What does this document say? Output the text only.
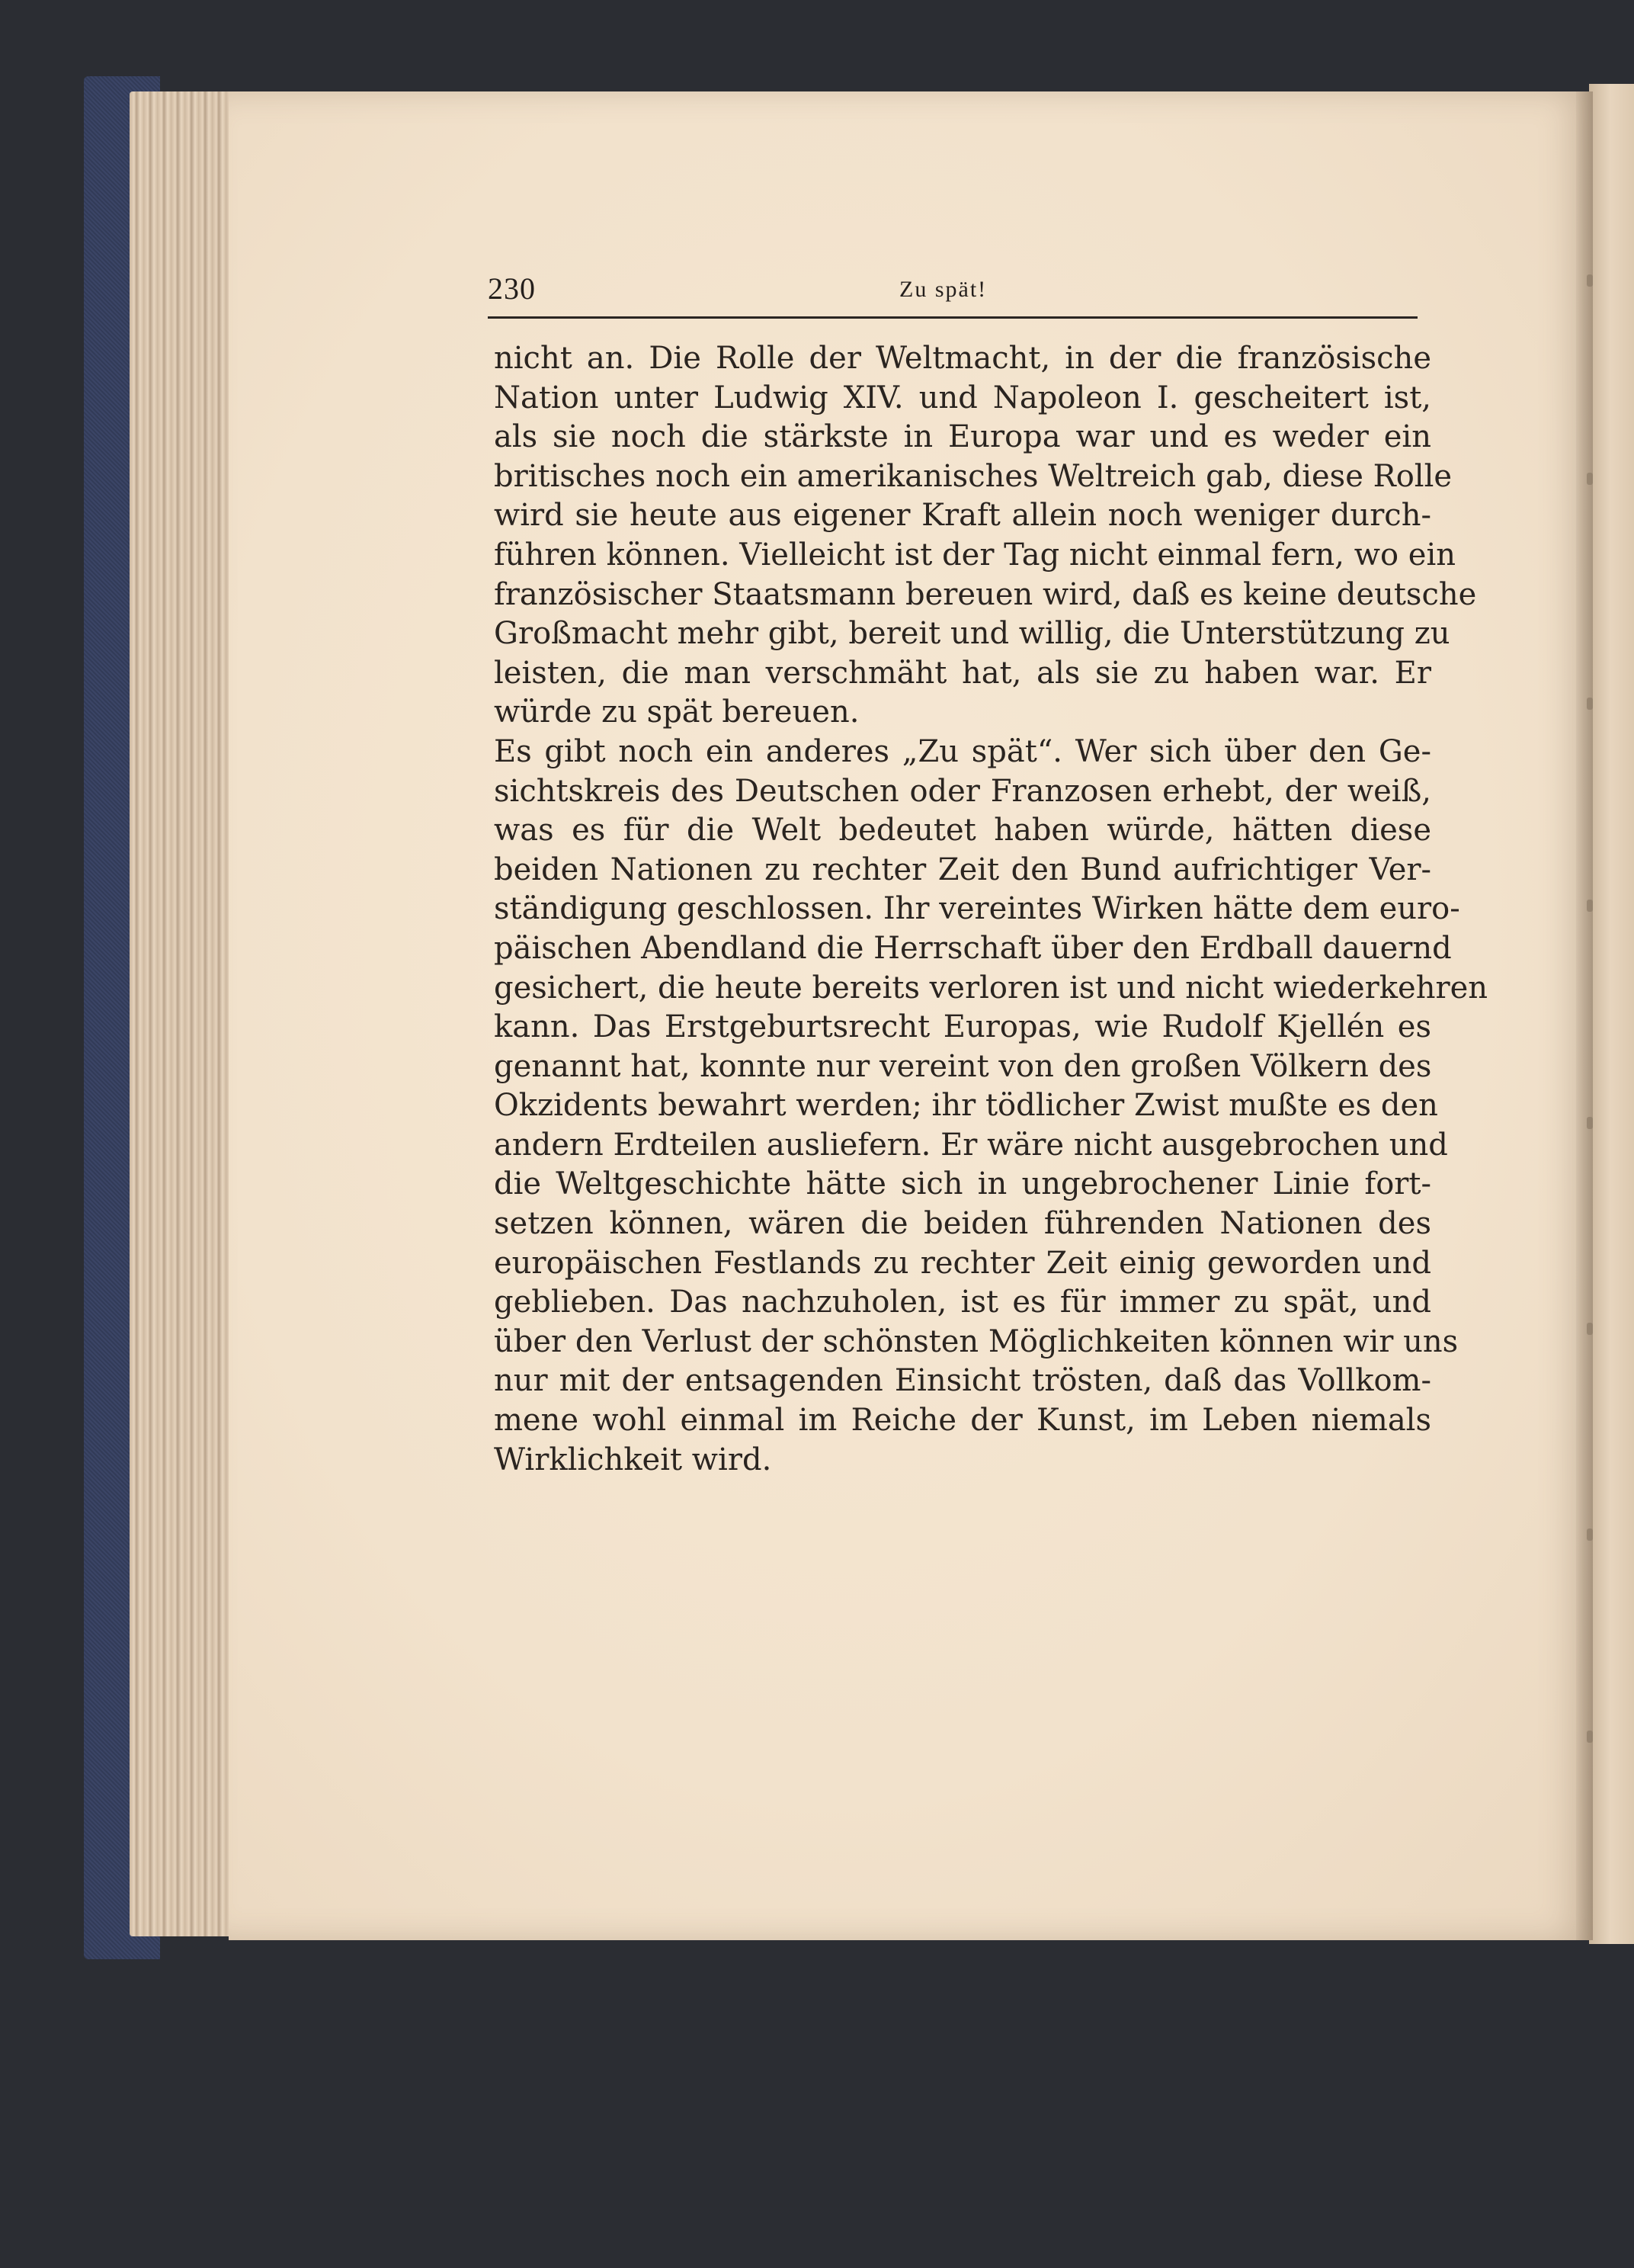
230	Zu spät!
nicht an. Die Rolle der Weltmacht, in der die französische
Nation unter Ludwig XIV. und Napoleon I. gescheitert ist,
als sie noch die stärkste in Europa war und es weder ein
britisches noch ein amerikanisches Weltreich gab, diese Rolle
wird sie heute aus eigener Kraft allein noch weniger durch-
führen können. Vielleicht ist der Tag nicht einmal fern, wo ein
französischer Staatsmann bereuen wird, daß es keine deutsche
Großmacht mehr gibt, bereit und willig, die Unterstützung zu
leisten, die man verschmäht hat, als sie zu haben war. Er
würde zu spät bereuen.
Es gibt noch ein anderes „Zu spät“. Wer sich über den Ge-
sichtskreis des Deutschen oder Franzosen erhebt, der weiß,
was es für die Welt bedeutet haben würde, hätten diese
beiden Nationen zu rechter Zeit den Bund aufrichtiger Ver-
ständigung geschlossen. Ihr vereintes Wirken hätte dem euro-
päischen Abendland die Herrschaft über den Erdball dauernd
gesichert, die heute bereits verloren ist und nicht wiederkehren
kann. Das Erstgeburtsrecht Europas, wie Rudolf Kjellén es
genannt hat, konnte nur vereint von den großen Völkern des
Okzidents bewahrt werden; ihr tödlicher Zwist mußte es den
andern Erdteilen ausliefern. Er wäre nicht ausgebrochen und
die Weltgeschichte hätte sich in ungebrochener Linie fort-
setzen können, wären die beiden führenden Nationen des
europäischen Festlands zu rechter Zeit einig geworden und
geblieben. Das nachzuholen, ist es für immer zu spät, und
über den Verlust der schönsten Möglichkeiten können wir uns
nur mit der entsagenden Einsicht trösten, daß das Vollkom-
mene wohl einmal im Reiche der Kunst, im Leben niemals
Wirklichkeit wird.
